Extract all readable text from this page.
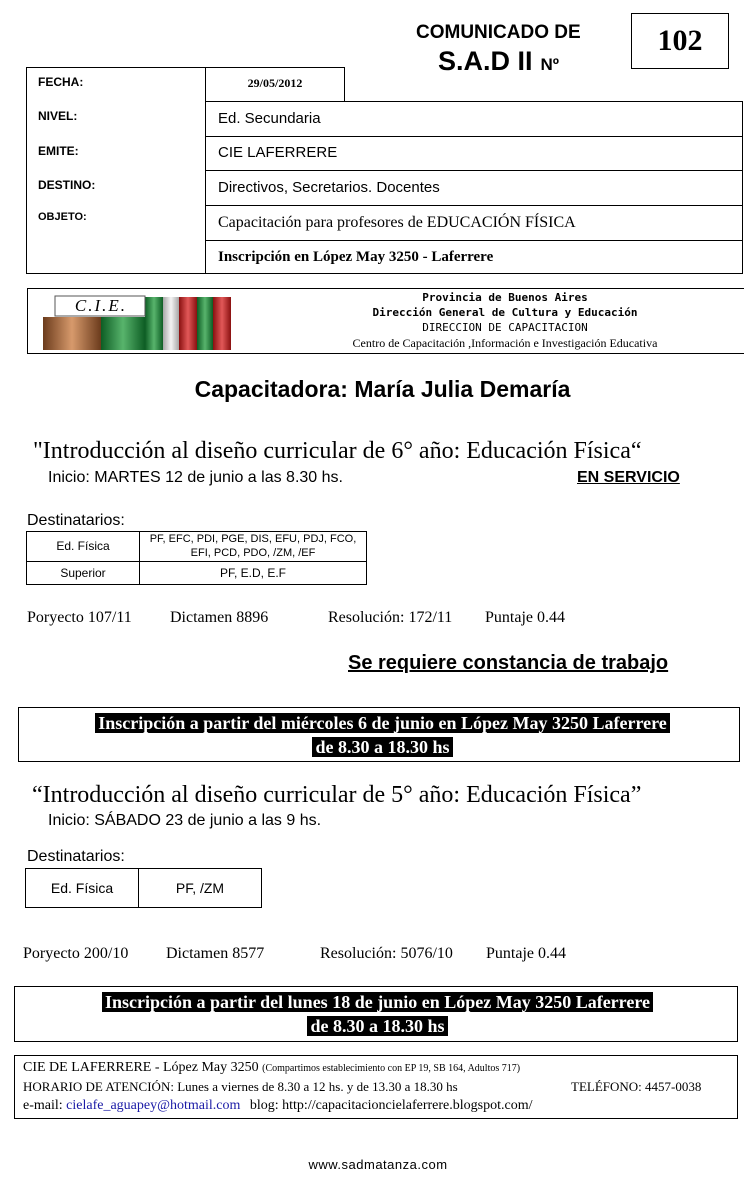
COMUNICADO DE
S.A.D II Nº
102
FECHA:	29/05/2012
NIVEL:	Ed. Secundaria
EMITE:	CIE LAFERRERE
DESTINO:	Directivos, Secretarios. Docentes
OBJETO:	Capacitación para profesores de EDUCACIÓN FÍSICA
Inscripción en López May 3250 - Laferrere
C.I.E.	Provincia de Buenos Aires
Dirección General de Cultura y Educación
DIRECCION DE CAPACITACION
Centro de Capacitación ,Información e Investigación Educativa
Capacitadora: María Julia Demaría
"Introducción al diseño curricular de 6° año: Educación Física“
Inicio: MARTES 12 de junio a las 8.30 hs.	EN SERVICIO
Destinatarios:
Ed. Física	PF, EFC, PDI, PGE, DIS, EFU, PDJ, FCO, EFI, PCD, PDO, /ZM, /EF
Superior	PF, E.D, E.F
Poryecto 107/11 Dictamen 8896	Resolución: 172/11 Puntaje 0.44
Se requiere constancia de trabajo
Inscripción a partir del miércoles 6 de junio en López May 3250 Laferrere
de 8.30 a 18.30 hs
“Introducción al diseño curricular de 5° año: Educación Física”
Inicio: SÁBADO 23 de junio a las 9 hs.
Destinatarios:
Ed. Física	PF, /ZM
Poryecto 200/10 Dictamen 8577	Resolución: 5076/10 Puntaje 0.44
Inscripción a partir del lunes 18 de junio en López May 3250 Laferrere
de 8.30 a 18.30 hs
CIE DE LAFERRERE - López May 3250 (Compartimos establecimiento con EP 19, SB 164, Adultos 717)
HORARIO DE ATENCIÓN: Lunes a viernes de 8.30 a 12 hs. y de 13.30 a 18.30 hs	TELÉFONO: 4457-0038
e-mail: cielafe_aguapey@hotmail.com blog: http://capacitacioncielaferrere.blogspot.com/
www.sadmatanza.com
